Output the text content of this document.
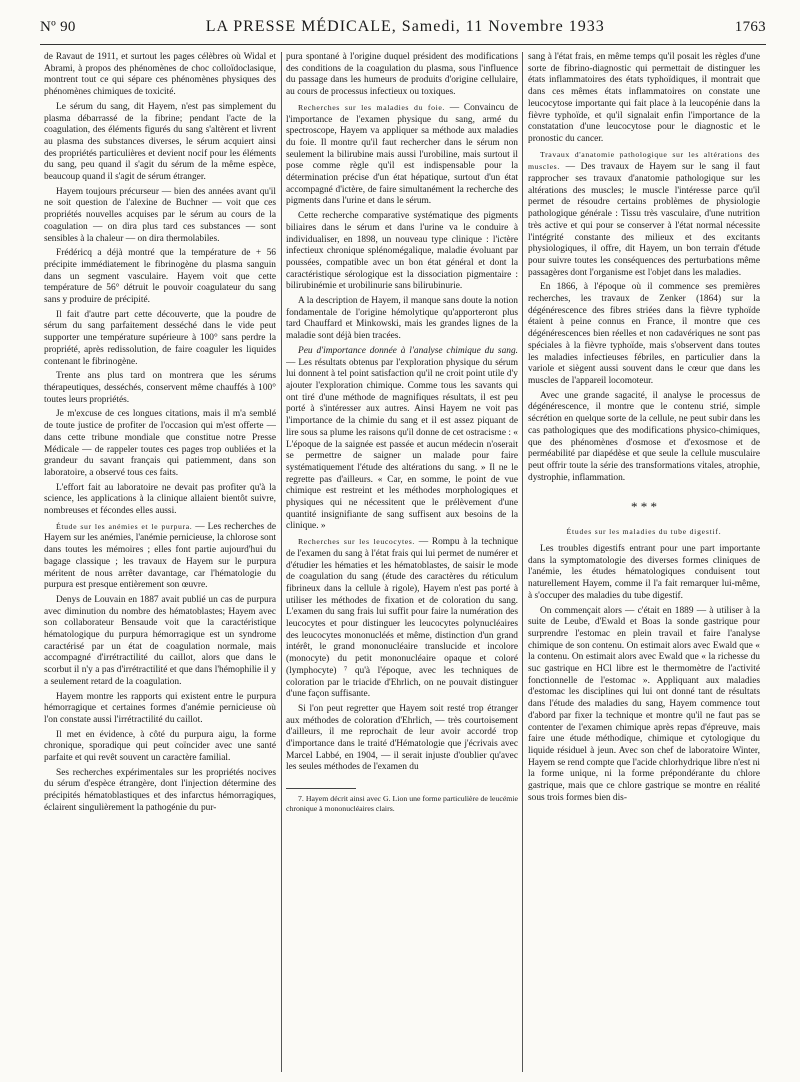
Nº 90	LA PRESSE MÉDICALE, Samedi, 11 Novembre 1933	1763

de Ravaut de 1911, et surtout les pages célèbres où Widal et Abrami, à propos des phénomènes de choc colloïdoclasique, montrent tout ce qui sépare ces phénomènes physiques des phénomènes chimiques de toxicité.

Le sérum du sang, dit Hayem, n'est pas simplement du plasma débarrassé de la fibrine; pendant l'acte de la coagulation, des éléments figurés du sang s'altèrent et livrent au plasma des substances diverses, le sérum acquiert ainsi des propriétés particulières et devient nocif pour les éléments du sang, peu quand il s'agit du sérum de la même espèce, beaucoup quand il s'agit de sérum étranger.

Hayem toujours précurseur — bien des années avant qu'il ne soit question de l'alexine de Buchner — voit que ces propriétés nouvelles acquises par le sérum au cours de la coagulation — on dira plus tard ces substances — sont sensibles à la chaleur — on dira thermolabiles.

Frédéricq a déjà montré que la température de + 56 précipite immédiatement le fibrinogène du plasma sanguin dans un segment vasculaire. Hayem voit que cette température de 56° détruit le pouvoir coagulateur du sang sans y produire de précipité.

Il fait d'autre part cette découverte, que la poudre de sérum du sang parfaitement desséché dans le vide peut supporter une température supérieure à 100° sans perdre la propriété, après redissolution, de faire coaguler les liquides contenant le fibrinogène.

Trente ans plus tard on montrera que les sérums thérapeutiques, desséchés, conservent même chauffés à 100° toutes leurs propriétés.

Je m'excuse de ces longues citations, mais il m'a semblé de toute justice de profiter de l'occasion qui m'est offerte — dans cette tribune mondiale que constitue notre Presse Médicale — de rappeler toutes ces pages trop oubliées et la grandeur du savant français qui patiemment, dans son laboratoire, a observé tous ces faits.

L'effort fait au laboratoire ne devait pas profiter qu'à la science, les applications à la clinique allaient bientôt suivre, nombreuses et fécondes elles aussi.

Étude sur les anémies et le purpura. — Les recherches de Hayem sur les anémies, l'anémie pernicieuse, la chlorose sont dans toutes les mémoires ; elles font partie aujourd'hui du bagage classique ; les travaux de Hayem sur le purpura méritent de nous arrêter davantage, car l'hématologie du purpura est presque entièrement son œuvre.

Denys de Louvain en 1887 avait publié un cas de purpura avec diminution du nombre des hématoblastes; Hayem avec son collaborateur Bensaude voit que la caractéristique hématologique du purpura hémorragique est un syndrome caractérisé par un état de coagulation normale, mais accompagné d'irrétractilité du caillot, alors que dans le scorbut il n'y a pas d'irrétractilité et que dans l'hémophilie il y a seulement retard de la coagulation.

Hayem montre les rapports qui existent entre le purpura hémorragique et certaines formes d'anémie pernicieuse où l'on constate aussi l'irrétractilité du caillot.

Il met en évidence, à côté du purpura aigu, la forme chronique, sporadique qui peut coïncider avec une santé parfaite et qui revêt souvent un caractère familial.

Ses recherches expérimentales sur les propriétés nocives du sérum d'espèce étrangère, dont l'injection détermine des précipités hématoblastiques et des infarctus hémorragiques, éclairent singulièrement la pathogénie du pur-

pura spontané à l'origine duquel président des modifications des conditions de la coagulation du plasma, sous l'influence du passage dans les humeurs de produits d'origine cellulaire, au cours de processus infectieux ou toxiques.

Recherches sur les maladies du foie. — Convaincu de l'importance de l'examen physique du sang, armé du spectroscope, Hayem va appliquer sa méthode aux maladies du foie. Il montre qu'il faut rechercher dans le sérum non seulement la bilirubine mais aussi l'urobiline, mais surtout il pose comme règle qu'il est indispensable pour la détermination précise d'un état hépatique, surtout d'un état accompagné d'ictère, de faire simultanément la recherche des pigments dans l'urine et dans le sérum.

Cette recherche comparative systématique des pigments biliaires dans le sérum et dans l'urine va le conduire à individualiser, en 1898, un nouveau type clinique : l'ictère infectieux chronique splénomégalique, maladie évoluant par poussées, compatible avec un bon état général et dont la caractéristique sérologique est la dissociation pigmentaire : bilirubinémie et urobilinurie sans bilirubinurie.

A la description de Hayem, il manque sans doute la notion fondamentale de l'origine hémolytique qu'apporteront plus tard Chauffard et Minkowski, mais les grandes lignes de la maladie sont déjà bien tracées.

Peu d'importance donnée à l'analyse chimique du sang. — Les résultats obtenus par l'exploration physique du sérum lui donnent à tel point satisfaction qu'il ne croit point utile d'y ajouter l'exploration chimique. Comme tous les savants qui ont tiré d'une méthode de magnifiques résultats, il est peu porté à s'intéresser aux autres. Ainsi Hayem ne voit pas l'importance de la chimie du sang et il est assez piquant de lire sous sa plume les raisons qu'il donne de cet ostracisme : « L'époque de la saignée est passée et aucun médecin n'oserait se permettre de saigner un malade pour faire systématiquement l'étude des altérations du sang. » Il ne le regrette pas d'ailleurs. « Car, en somme, le point de vue chimique est restreint et les méthodes morphologiques et physiques qui ne nécessitent que le prélèvement d'une quantité insignifiante de sang suffisent aux besoins de la clinique. »

Recherches sur les leucocytes. — Rompu à la technique de l'examen du sang à l'état frais qui lui permet de numérer et d'étudier les hématies et les hématoblastes, de saisir le mode de coagulation du sang (étude des caractères du réticulum fibrineux dans la cellule à rigole), Hayem n'est pas porté à utiliser les méthodes de fixation et de coloration du sang. L'examen du sang frais lui suffit pour faire la numération des leucocytes et pour distinguer les leucocytes polynucléaires des leucocytes mononucléés et même, distinction d'un grand intérêt, le grand mononucléaire translucide et incolore (monocyte) du petit mononucléaire opaque et coloré (lymphocyte) ⁷ qu'à l'époque, avec les techniques de coloration par le triacide d'Ehrlich, on ne pouvait distinguer d'une façon suffisante.

Si l'on peut regretter que Hayem soit resté trop étranger aux méthodes de coloration d'Ehrlich, — très courtoisement d'ailleurs, il me reprochait de leur avoir accordé trop d'importance dans le traité d'Hématologie que j'écrivais avec Marcel Labbé, en 1904, — il serait injuste d'oublier qu'avec les seules méthodes de l'examen du

7. Hayem décrit ainsi avec G. Lion une forme particulière de leucémie chronique à mononucléaires clairs.

sang à l'état frais, en même temps qu'il posait les règles d'une sorte de fibrino-diagnostic qui permettait de distinguer les états inflammatoires des états typhoïdiques, il montrait que dans ces mêmes états inflammatoires on constate une leucocytose importante qui fait place à la leucopénie dans la fièvre typhoïde, et qu'il signalait enfin l'importance de la constatation d'une leucocytose pour le diagnostic et le pronostic du cancer.

Travaux d'anatomie pathologique sur les altérations des muscles. — Des travaux de Hayem sur le sang il faut rapprocher ses travaux d'anatomie pathologique sur les altérations des muscles; le muscle l'intéresse parce qu'il permet de résoudre certains problèmes de physiologie pathologique générale : Tissu très vasculaire, d'une nutrition très active et qui pour se conserver à l'état normal nécessite l'intégrité constante des milieux et des excitants physiologiques, il offre, dit Hayem, un bon terrain d'étude pour suivre toutes les conséquences des perturbations même passagères dont l'organisme est l'objet dans les maladies.

En 1866, à l'époque où il commence ses premières recherches, les travaux de Zenker (1864) sur la dégénérescence des fibres striées dans la fièvre typhoïde étaient à peine connus en France, il montre que ces dégénérescences bien réelles et non cadavériques ne sont pas spéciales à la fièvre typhoïde, mais s'observent dans toutes les maladies infectieuses fébriles, en particulier dans la variole et siègent aussi souvent dans le cœur que dans les muscles de l'appareil locomoteur.

Avec une grande sagacité, il analyse le processus de dégénérescence, il montre que le contenu strié, simple sécrétion en quelque sorte de la cellule, ne peut subir dans les cas pathologiques que des modifications physico-chimiques, que des phénomènes d'osmose et d'exosmose et de perméabilité par diapédèse et que seule la cellule musculaire peut offrir toute la série des transformations vitales, atrophie, dystrophie, inflammation.

* * *
Études sur les maladies du tube digestif.

Les troubles digestifs entrant pour une part importante dans la symptomatologie des diverses formes cliniques de l'anémie, les études hématologiques conduisent tout naturellement Hayem, comme il l'a fait remarquer lui-même, à s'occuper des maladies du tube digestif.

On commençait alors — c'était en 1889 — à utiliser à la suite de Leube, d'Ewald et Boas la sonde gastrique pour surprendre l'estomac en plein travail et faire l'analyse chimique de son contenu. On estimait alors avec Ewald que « la contenu. On estimait alors avec Ewald que « la richesse du suc gastrique en HCl libre est le thermomètre de l'activité fonctionnelle de l'estomac ». Appliquant aux maladies d'estomac les disciplines qui lui ont donné tant de résultats dans l'étude des maladies du sang, Hayem commence tout d'abord par fixer la technique et montre qu'il ne faut pas se contenter de l'examen chimique après repas d'épreuve, mais faire une étude méthodique, chimique et cytologique du liquide résiduel à jeun. Avec son chef de laboratoire Winter, Hayem se rend compte que l'acide chlorhydrique libre n'est ni la forme unique, ni la forme prépondérante du chlore gastrique, mais que ce chlore gastrique se montre en réalité sous trois formes bien dis-
